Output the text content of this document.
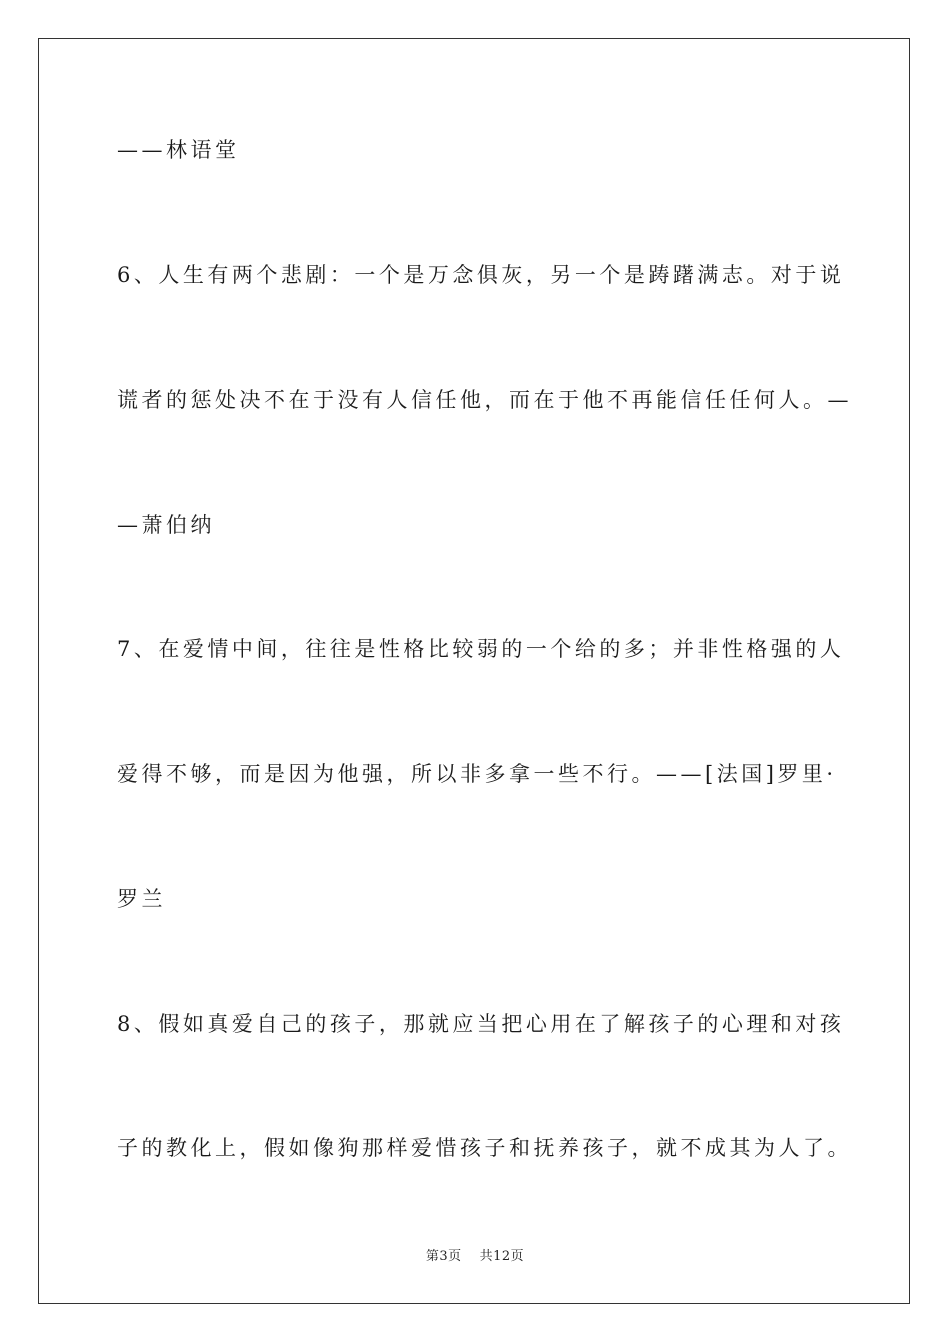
——林语堂
6、人生有两个悲剧：一个是万念俱灰，另一个是踌躇满志。对于说
谎者的惩处决不在于没有人信任他，而在于他不再能信任任何人。—
—萧伯纳
7、在爱情中间，往往是性格比较弱的一个给的多；并非性格强的人
爱得不够，而是因为他强，所以非多拿一些不行。——[法国]罗里·
罗兰
8、假如真爱自己的孩子，那就应当把心用在了解孩子的心理和对孩
子的教化上，假如像狗那样爱惜孩子和抚养孩子，就不成其为人了。
第3页 共12页
